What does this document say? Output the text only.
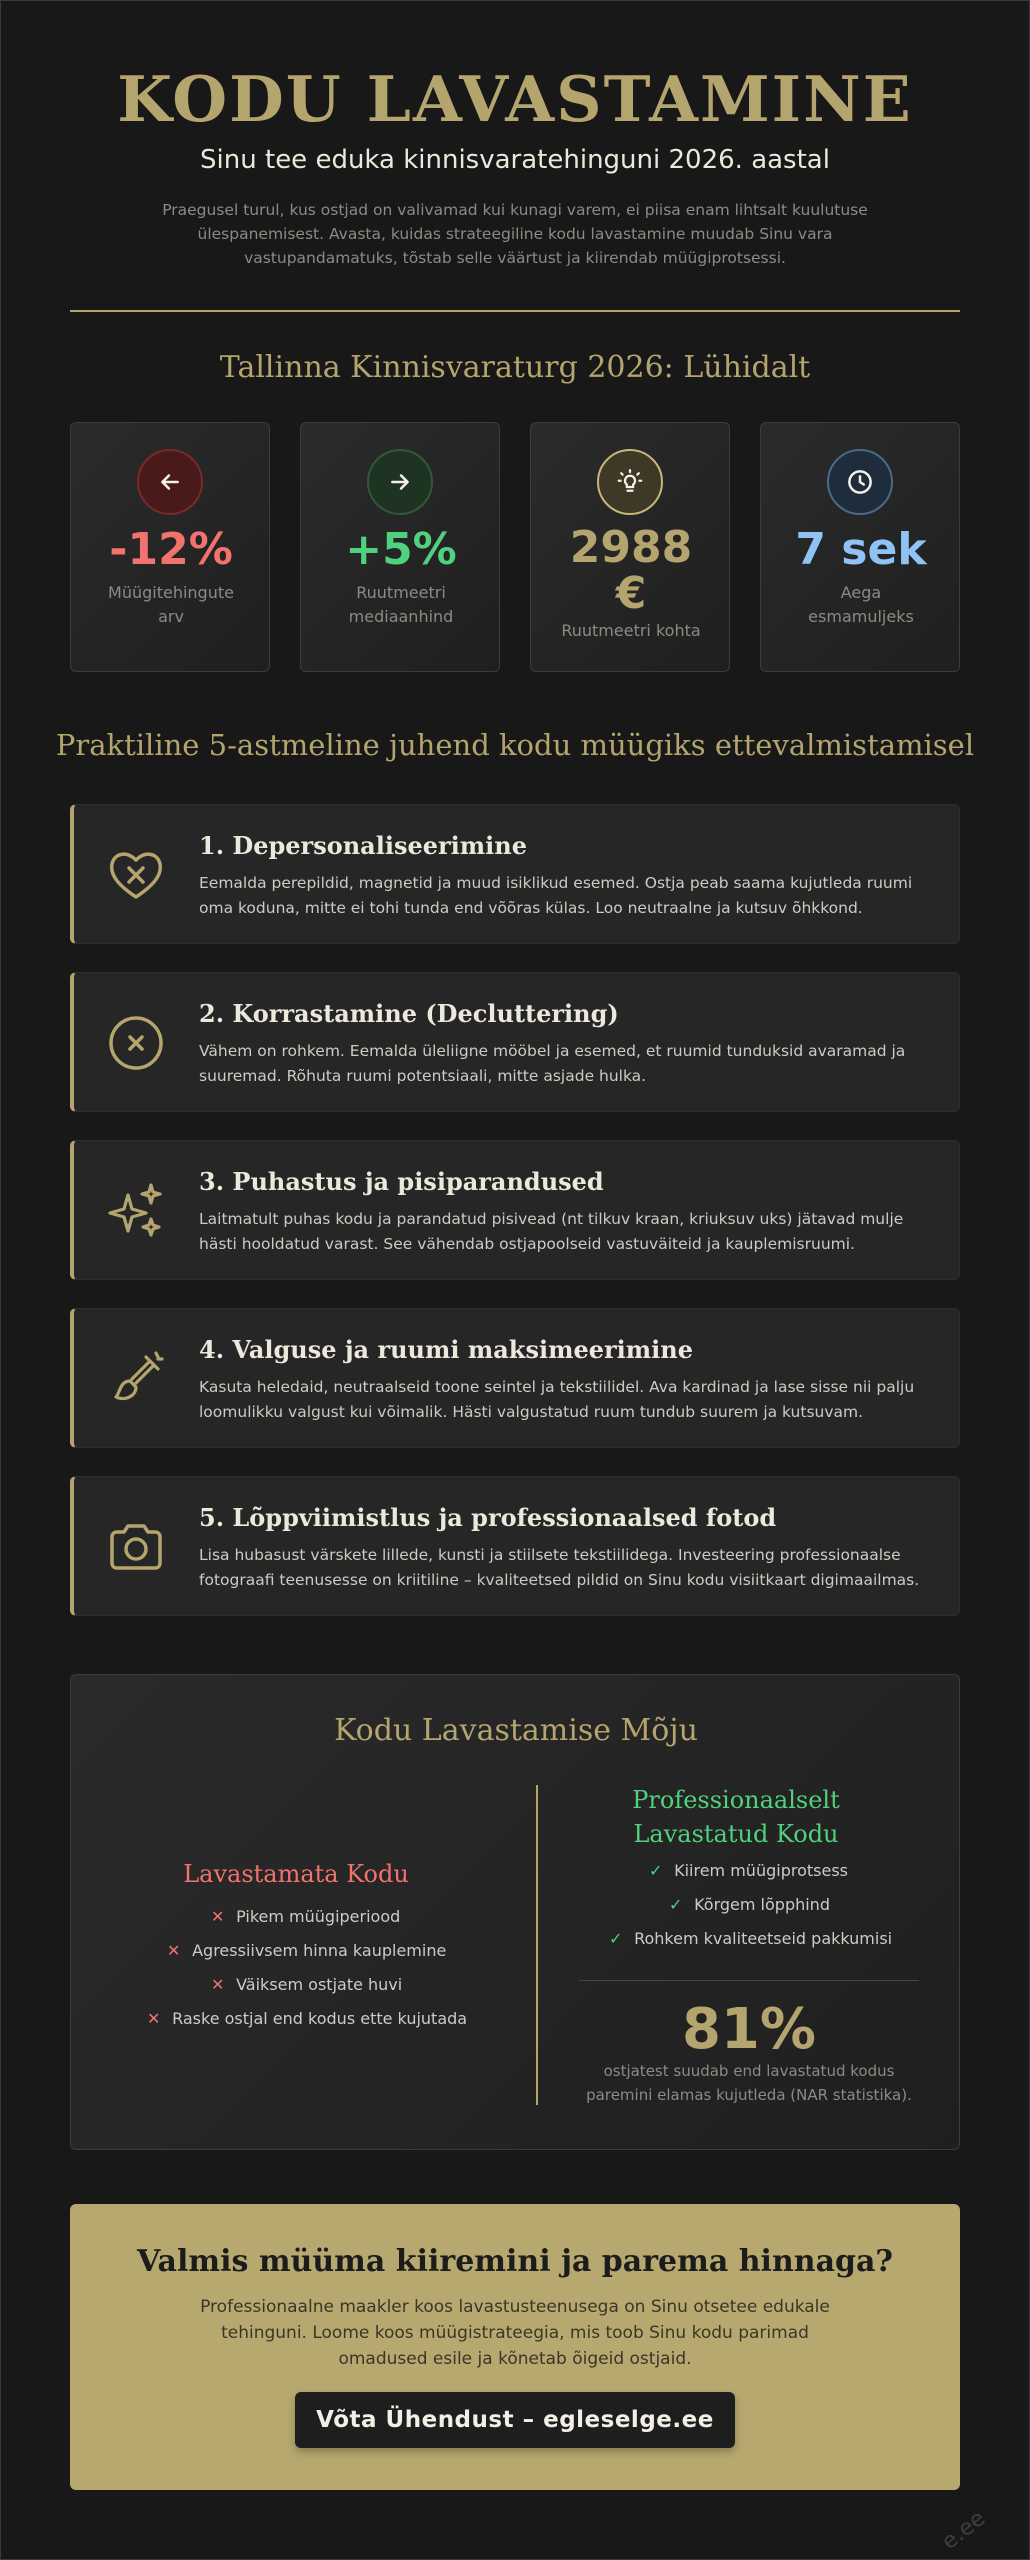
KODU LAVASTAMINE
Sinu tee eduka kinnisvaratehinguni 2026. aastal
Praegusel turul, kus ostjad on valivamad kui kunagi varem, ei piisa enam lihtsalt kuulutuse ülespanemisest. Avasta, kuidas strateegiline kodu lavastamine muudab Sinu vara vastupandamatuks, tõstab selle väärtust ja kiirendab müügiprotsessi.
Tallinna Kinnisvaraturg 2026: Lühidalt
-12%
Müügitehingute arv
+5%
Ruutmeetri mediaanhind
2988 €
Ruutmeetri kohta
7 sek
Aega esmamuljeks
Praktiline 5-astmeline juhend kodu müügiks ettevalmistamisel
1. Depersonaliseerimine
Eemalda perepildid, magnetid ja muud isiklikud esemed. Ostja peab saama kujutleda ruumi oma koduna, mitte ei tohi tunda end võõras külas. Loo neutraalne ja kutsuv õhkkond.
2. Korrastamine (Decluttering)
Vähem on rohkem. Eemalda üleliigne mööbel ja esemed, et ruumid tunduksid avaramad ja suuremad. Rõhuta ruumi potentsiaali, mitte asjade hulka.
3. Puhastus ja pisiparandused
Laitmatult puhas kodu ja parandatud pisivead (nt tilkuv kraan, kriuksuv uks) jätavad mulje hästi hooldatud varast. See vähendab ostjapoolseid vastuväiteid ja kauplemisruumi.
4. Valguse ja ruumi maksimeerimine
Kasuta heledaid, neutraalseid toone seintel ja tekstiilidel. Ava kardinad ja lase sisse nii palju loomulikku valgust kui võimalik. Hästi valgustatud ruum tundub suurem ja kutsuvam.
5. Lõppviimistlus ja professionaalsed fotod
Lisa hubasust värskete lillede, kunsti ja stiilsete tekstiilidega. Investeering professionaalse fotograafi teenusesse on kriitiline – kvaliteetsed pildid on Sinu kodu visiitkaart digimaailmas.
Kodu Lavastamise Mõju
Lavastamata Kodu
✕ Pikem müügiperiood
✕ Agressiivsem hinna kauplemine
✕ Väiksem ostjate huvi
✕ Raske ostjal end kodus ette kujutada
Professionaalselt Lavastatud Kodu
✓ Kiirem müügiprotsess
✓ Kõrgem lõpphind
✓ Rohkem kvaliteetseid pakkumisi
81%
ostjatest suudab end lavastatud kodus paremini elamas kujutleda (NAR statistika).
Valmis müüma kiiremini ja parema hinnaga?
Professionaalne maakler koos lavastusteenusega on Sinu otsetee edukale tehinguni. Loome koos müügistrateegia, mis toob Sinu kodu parimad omadused esile ja kõnetab õigeid ostjaid.
Võta Ühendust – egleselge.ee
e.ee
